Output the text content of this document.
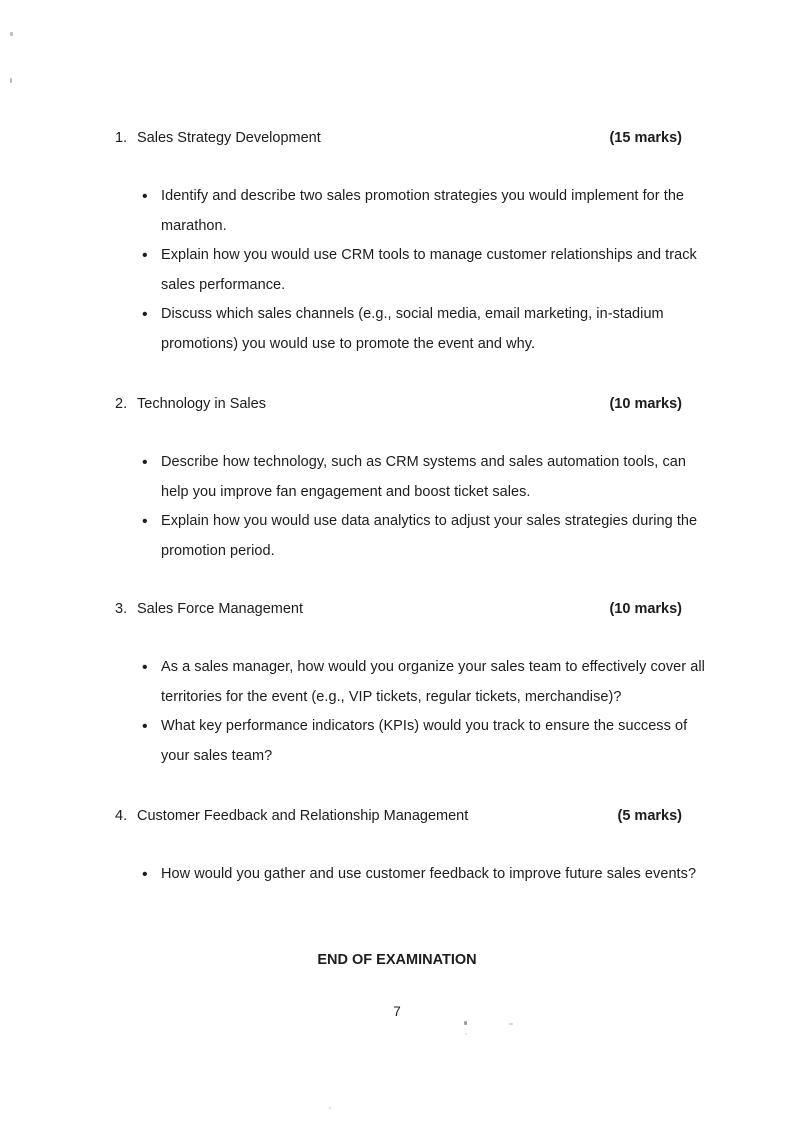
1. Sales Strategy Development	(15 marks)
• Identify and describe two sales promotion strategies you would implement for the marathon.
• Explain how you would use CRM tools to manage customer relationships and track sales performance.
• Discuss which sales channels (e.g., social media, email marketing, in-stadium promotions) you would use to promote the event and why.
2. Technology in Sales	(10 marks)
• Describe how technology, such as CRM systems and sales automation tools, can help you improve fan engagement and boost ticket sales.
• Explain how you would use data analytics to adjust your sales strategies during the promotion period.
3. Sales Force Management	(10 marks)
• As a sales manager, how would you organize your sales team to effectively cover all territories for the event (e.g., VIP tickets, regular tickets, merchandise)?
• What key performance indicators (KPIs) would you track to ensure the success of your sales team?
4. Customer Feedback and Relationship Management	(5 marks)
• How would you gather and use customer feedback to improve future sales events?
END OF EXAMINATION
7
